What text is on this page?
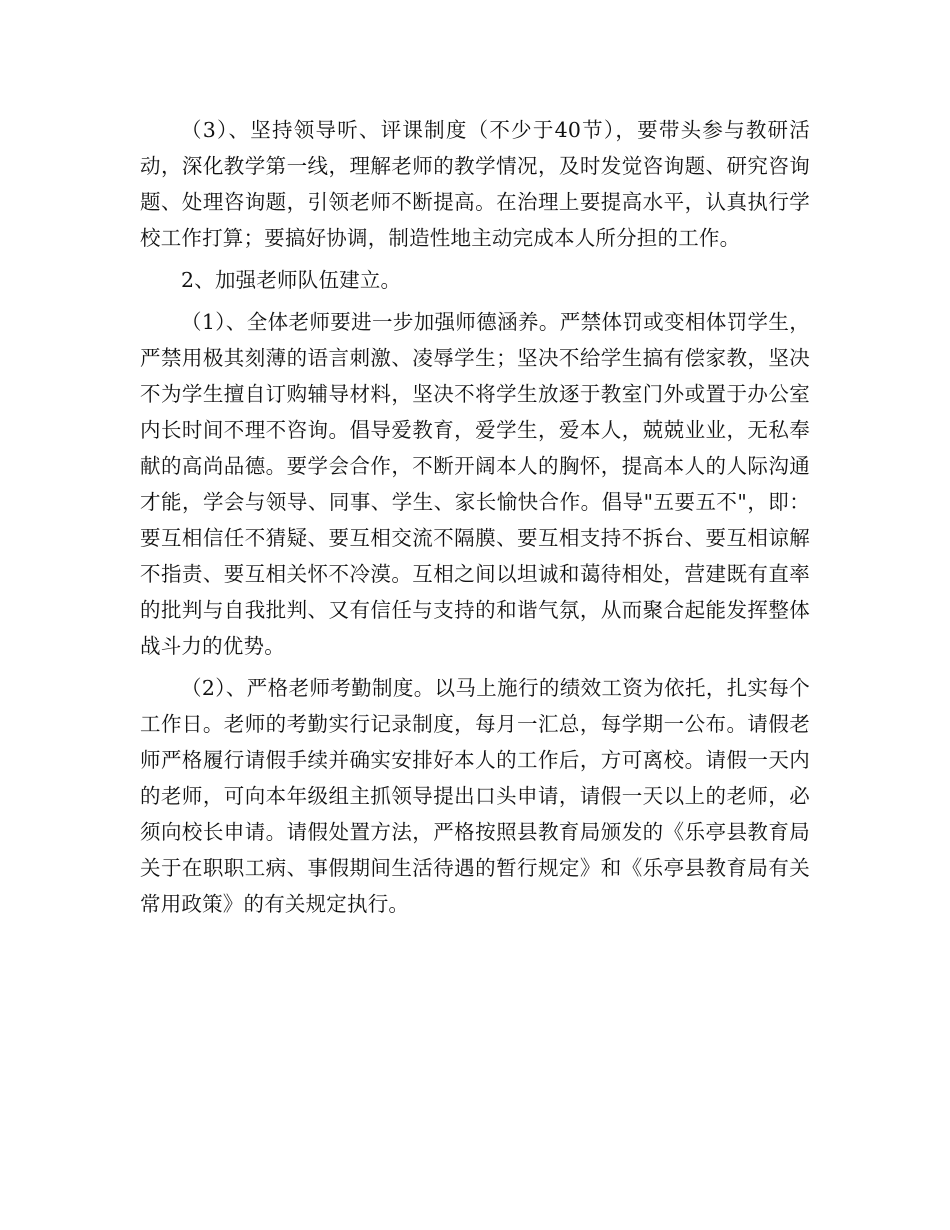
（3）、坚持领导听、评课制度（不少于40节），要带头参与教研活动，深化教学第一线，理解老师的教学情况，及时发觉咨询题、研究咨询题、处理咨询题，引领老师不断提高。在治理上要提高水平，认真执行学校工作打算；要搞好协调，制造性地主动完成本人所分担的工作。

2、加强老师队伍建立。

（1）、全体老师要进一步加强师德涵养。严禁体罚或变相体罚学生，严禁用极其刻薄的语言刺激、凌辱学生；坚决不给学生搞有偿家教，坚决不为学生擅自订购辅导材料，坚决不将学生放逐于教室门外或置于办公室内长时间不理不咨询。倡导爱教育，爱学生，爱本人，兢兢业业，无私奉献的高尚品德。要学会合作，不断开阔本人的胸怀，提高本人的人际沟通才能，学会与领导、同事、学生、家长愉快合作。倡导"五要五不"，即：要互相信任不猜疑、要互相交流不隔膜、要互相支持不拆台、要互相谅解不指责、要互相关怀不冷漠。互相之间以坦诚和蔼待相处，营建既有直率的批判与自我批判、又有信任与支持的和谐气氛，从而聚合起能发挥整体战斗力的优势。

（2）、严格老师考勤制度。以马上施行的绩效工资为依托，扎实每个工作日。老师的考勤实行记录制度，每月一汇总，每学期一公布。请假老师严格履行请假手续并确实安排好本人的工作后，方可离校。请假一天内的老师，可向本年级组主抓领导提出口头申请，请假一天以上的老师，必须向校长申请。请假处置方法，严格按照县教育局颁发的《乐亭县教育局关于在职职工病、事假期间生活待遇的暂行规定》和《乐亭县教育局有关常用政策》的有关规定执行。
